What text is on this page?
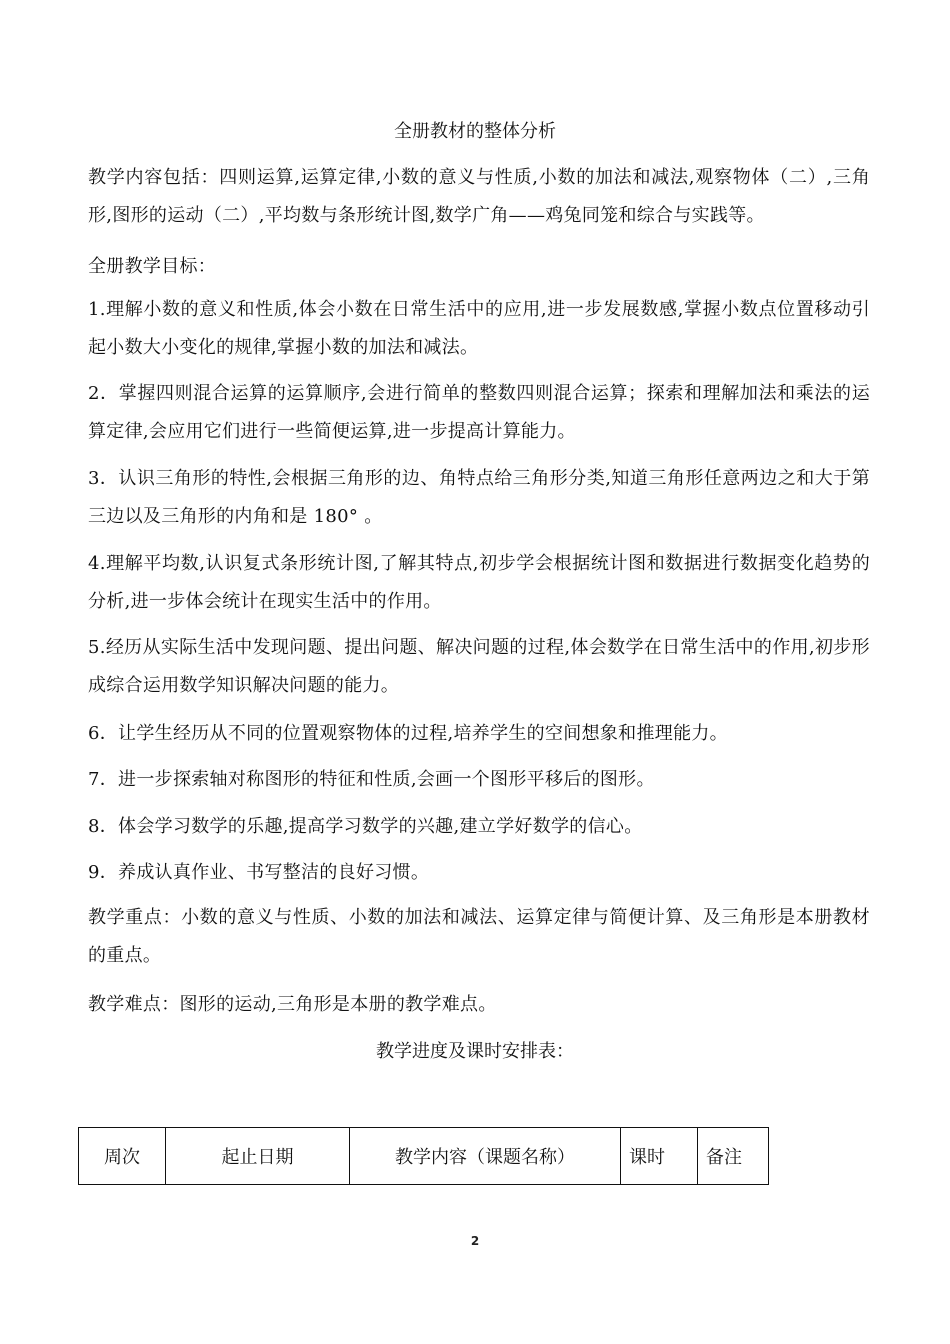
全册教材的整体分析

教学内容包括：四则运算,运算定律,小数的意义与性质,小数的加法和减法,观察物体（二）,三角形,图形的运动（二）,平均数与条形统计图,数学广角——鸡兔同笼和综合与实践等。

全册教学目标：

1.理解小数的意义和性质,体会小数在日常生活中的应用,进一步发展数感,掌握小数点位置移动引起小数大小变化的规律,掌握小数的加法和减法。

2．掌握四则混合运算的运算顺序,会进行简单的整数四则混合运算；探索和理解加法和乘法的运算定律,会应用它们进行一些简便运算,进一步提高计算能力。

3．认识三角形的特性,会根据三角形的边、角特点给三角形分类,知道三角形任意两边之和大于第三边以及三角形的内角和是 180° 。

4.理解平均数,认识复式条形统计图,了解其特点,初步学会根据统计图和数据进行数据变化趋势的分析,进一步体会统计在现实生活中的作用。

5.经历从实际生活中发现问题、提出问题、解决问题的过程,体会数学在日常生活中的作用,初步形成综合运用数学知识解决问题的能力。

6．让学生经历从不同的位置观察物体的过程,培养学生的空间想象和推理能力。

7．进一步探索轴对称图形的特征和性质,会画一个图形平移后的图形。

8．体会学习数学的乐趣,提高学习数学的兴趣,建立学好数学的信心。

9．养成认真作业、书写整洁的良好习惯。

教学重点：小数的意义与性质、小数的加法和减法、运算定律与简便计算、及三角形是本册教材的重点。

教学难点：图形的运动,三角形是本册的教学难点。

教学进度及课时安排表：
周次	起止日期	教学内容（课题名称）	课时	备注
2
